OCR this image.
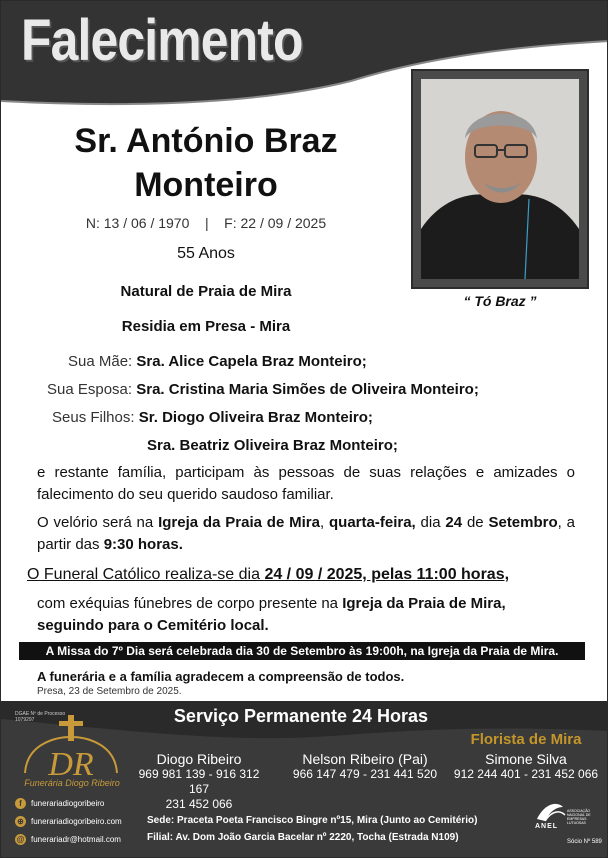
Falecimento
“ Tó Braz ”
Sr. António Braz Monteiro
N: 13 / 06 / 1970 | F: 22 / 09 / 2025
55 Anos
Natural de Praia de Mira
Residia em Presa - Mira
Sua Mãe: Sra. Alice Capela Braz Monteiro;
Sua Esposa: Sra. Cristina Maria Simões de Oliveira Monteiro;
Seus Filhos: Sr. Diogo Oliveira Braz Monteiro;
Sra. Beatriz Oliveira Braz Monteiro;
e restante família, participam às pessoas de suas relações e amizades o falecimento do seu querido saudoso familiar.
O velório será na Igreja da Praia de Mira, quarta-feira, dia 24 de Setembro, a partir das 9:30 horas.
O Funeral Católico realiza-se dia 24 / 09 / 2025, pelas 11:00 horas,
com exéquias fúnebres de corpo presente na Igreja da Praia de Mira,
seguindo para o Cemitério local.
A Missa do 7º Dia será celebrada dia 30 de Setembro às 19:00h, na Igreja da Praia de Mira.
A funerária e a família agradecem a compreensão de todos.
Presa, 23 de Setembro de 2025.
DGAE Nº de Processo 1079297	Serviço Permanente 24 Horas
Florista de Mira
DR
Funerária Diogo Ribeiro
Diogo Ribeiro
969 981 139 - 916 312 167
231 452 066
Nelson Ribeiro (Pai)
966 147 479 - 231 441 520
Simone Silva
912 244 401 - 231 452 066
f	funerariadiogoribeiro
⊕ funerariadiogoribeiro.com
@ funerariadr@hotmail.com
Sede: Praceta Poeta Francisco Bingre nº15, Mira (Junto ao Cemitério)
Filial: Av. Dom João Garcia Bacelar nº 2220, Tocha (Estrada N109)
ASSOCIAÇÃO NACIONAL DE EMPRESAS LUTUOSAS
ANEL
Sócio Nº 589
